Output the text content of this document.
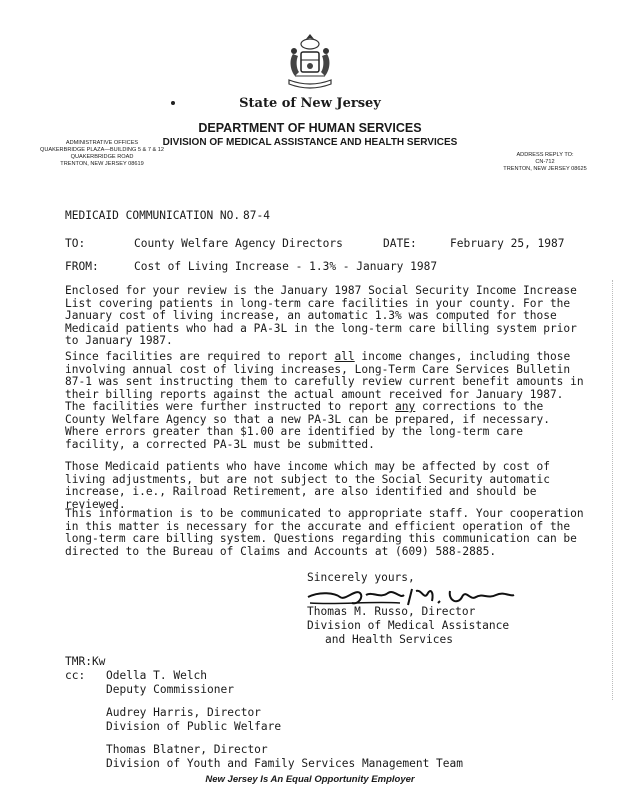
State of New Jersey
DEPARTMENT OF HUMAN SERVICES
DIVISION OF MEDICAL ASSISTANCE AND HEALTH SERVICES
ADMINISTRATIVE OFFICES
QUAKERBRIDGE PLAZA—BUILDING 5 & 7 & 12
QUAKERBRIDGE ROAD
TRENTON, NEW JERSEY 08619
ADDRESS REPLY TO:
CN-712
TRENTON, NEW JERSEY 08625
MEDICAID COMMUNICATION NO. 87-4
TO:	County Welfare Agency Directors	DATE:	February 25, 1987
FROM:	Cost of Living Increase - 1.3% - January 1987
Enclosed for your review is the January 1987 Social Security Income Increase List covering patients in long-term care facilities in your county. For the January cost of living increase, an automatic 1.3% was computed for those Medicaid patients who had a PA-3L in the long-term care billing system prior to January 1987.
Since facilities are required to report all income changes, including those involving annual cost of living increases, Long-Term Care Services Bulletin 87-1 was sent instructing them to carefully review current benefit amounts in their billing reports against the actual amount received for January 1987. The facilities were further instructed to report any corrections to the County Welfare Agency so that a new PA-3L can be prepared, if necessary. Where errors greater than $1.00 are identified by the long-term care facility, a corrected PA-3L must be submitted.
Those Medicaid patients who have income which may be affected by cost of living adjustments, but are not subject to the Social Security automatic increase, i.e., Railroad Retirement, are also identified and should be reviewed.
This information is to be communicated to appropriate staff. Your cooperation in this matter is necessary for the accurate and efficient operation of the long-term care billing system. Questions regarding this communication can be directed to the Bureau of Claims and Accounts at (609) 588-2885.
Sincerely yours,
Thomas M. Russo, Director
Division of Medical Assistance
and Health Services
TMR:Kw
cc: Odella T. Welch
Deputy Commissioner
Audrey Harris, Director
Division of Public Welfare
Thomas Blatner, Director
Division of Youth and Family Services Management Team
New Jersey Is An Equal Opportunity Employer
